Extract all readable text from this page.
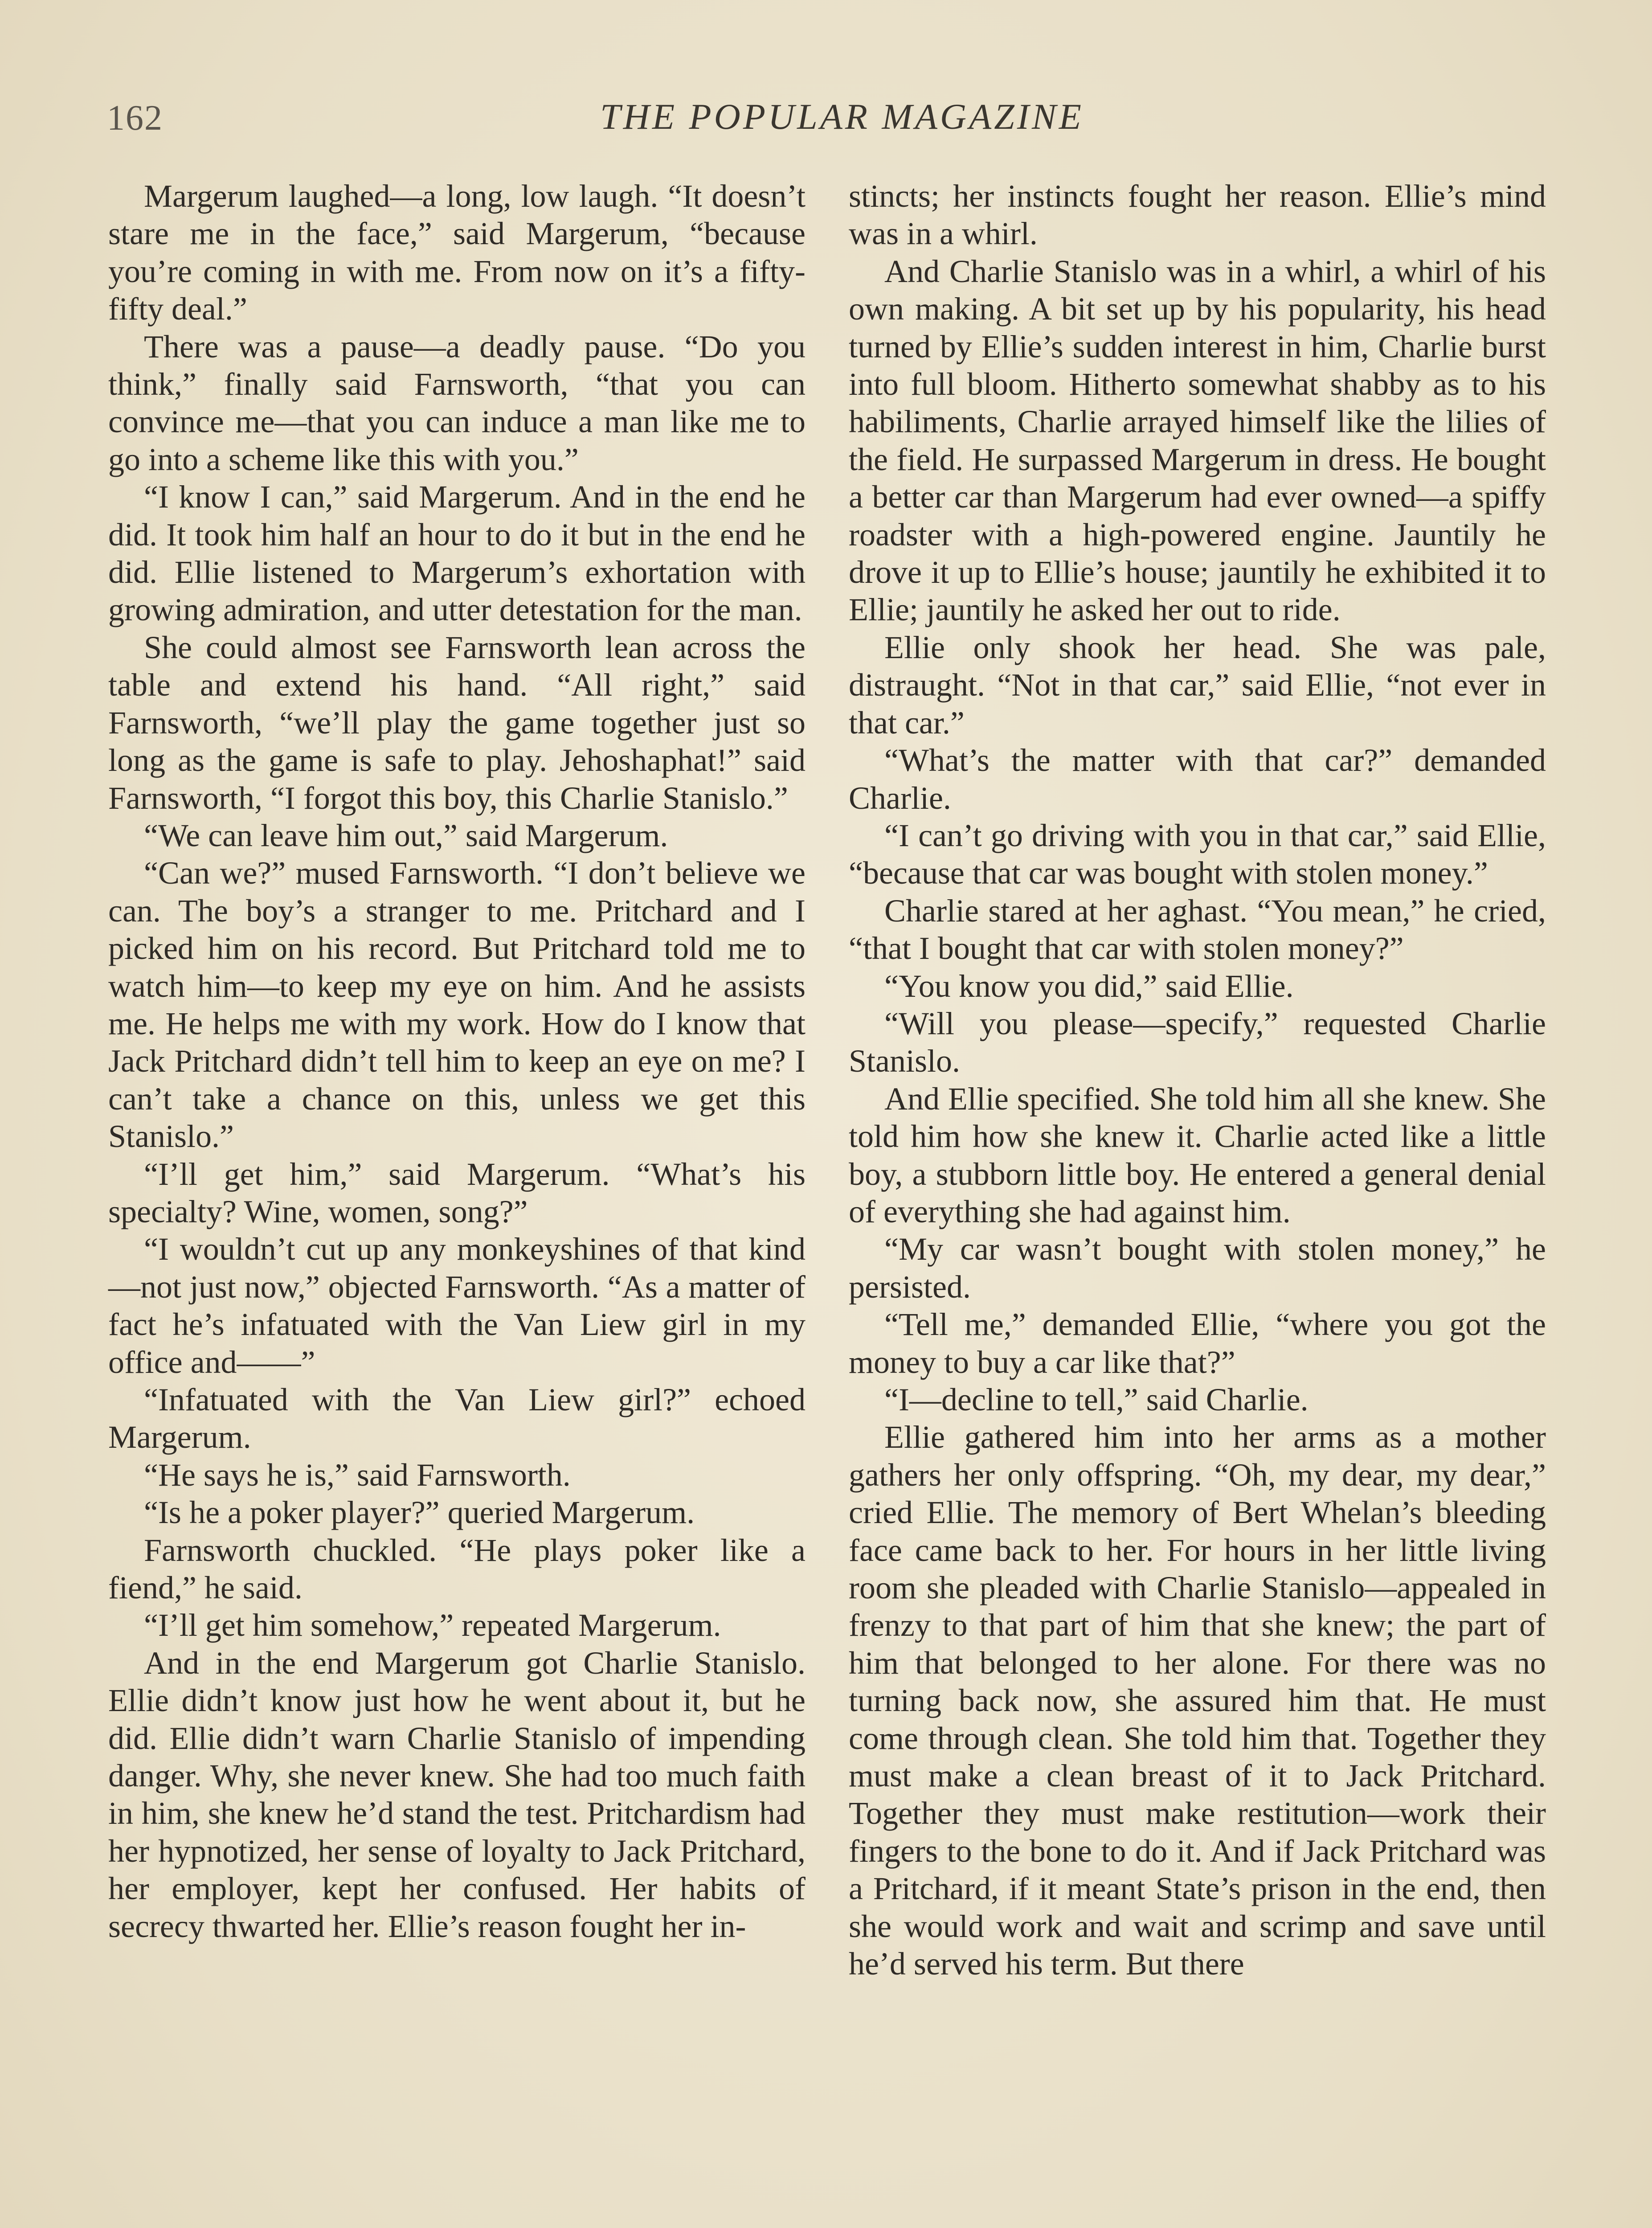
162	THE POPULAR MAGAZINE

Margerum laughed—a long, low laugh. “It doesn’t stare me in the face,” said Margerum, “because you’re coming in with me. From now on it’s a fifty-fifty deal.”

There was a pause—a deadly pause. “Do you think,” finally said Farnsworth, “that you can convince me—that you can induce a man like me to go into a scheme like this with you.”

“I know I can,” said Margerum. And in the end he did. It took him half an hour to do it but in the end he did. Ellie listened to Margerum’s exhortation with growing admiration, and utter detestation for the man.

She could almost see Farnsworth lean across the table and extend his hand. “All right,” said Farnsworth, “we’ll play the game together just so long as the game is safe to play. Jehoshaphat!” said Farnsworth, “I forgot this boy, this Charlie Stanislo.”

“We can leave him out,” said Margerum.

“Can we?” mused Farnsworth. “I don’t believe we can. The boy’s a stranger to me. Pritchard and I picked him on his record. But Pritchard told me to watch him—to keep my eye on him. And he assists me. He helps me with my work. How do I know that Jack Pritchard didn’t tell him to keep an eye on me? I can’t take a chance on this, unless we get this Stanislo.”

“I’ll get him,” said Margerum. “What’s his specialty? Wine, women, song?”

“I wouldn’t cut up any monkeyshines of that kind—not just now,” objected Farnsworth. “As a matter of fact he’s infatuated with the Van Liew girl in my office and——”

“Infatuated with the Van Liew girl?” echoed Margerum.

“He says he is,” said Farnsworth.

“Is he a poker player?” queried Margerum.

Farnsworth chuckled. “He plays poker like a fiend,” he said.

“I’ll get him somehow,” repeated Margerum.

And in the end Margerum got Charlie Stanislo. Ellie didn’t know just how he went about it, but he did. Ellie didn’t warn Charlie Stanislo of impending danger. Why, she never knew. She had too much faith in him, she knew he’d stand the test. Pritchardism had her hypnotized, her sense of loyalty to Jack Pritchard, her employer, kept her confused. Her habits of secrecy thwarted her. Ellie’s reason fought her in-

stincts; her instincts fought her reason. Ellie’s mind was in a whirl.

And Charlie Stanislo was in a whirl, a whirl of his own making. A bit set up by his popularity, his head turned by Ellie’s sudden interest in him, Charlie burst into full bloom. Hitherto somewhat shabby as to his habiliments, Charlie arrayed himself like the lilies of the field. He surpassed Margerum in dress. He bought a better car than Margerum had ever owned—a spiffy roadster with a high-powered engine. Jauntily he drove it up to Ellie’s house; jauntily he exhibited it to Ellie; jauntily he asked her out to ride.

Ellie only shook her head. She was pale, distraught. “Not in that car,” said Ellie, “not ever in that car.”

“What’s the matter with that car?” demanded Charlie.

“I can’t go driving with you in that car,” said Ellie, “because that car was bought with stolen money.”

Charlie stared at her aghast. “You mean,” he cried, “that I bought that car with stolen money?”

“You know you did,” said Ellie.

“Will you please—specify,” requested Charlie Stanislo.

And Ellie specified. She told him all she knew. She told him how she knew it. Charlie acted like a little boy, a stubborn little boy. He entered a general denial of everything she had against him.

“My car wasn’t bought with stolen money,” he persisted.

“Tell me,” demanded Ellie, “where you got the money to buy a car like that?”

“I—decline to tell,” said Charlie.

Ellie gathered him into her arms as a mother gathers her only offspring. “Oh, my dear, my dear,” cried Ellie. The memory of Bert Whelan’s bleeding face came back to her. For hours in her little living room she pleaded with Charlie Stanislo—appealed in frenzy to that part of him that she knew; the part of him that belonged to her alone. For there was no turning back now, she assured him that. He must come through clean. She told him that. Together they must make a clean breast of it to Jack Pritchard. Together they must make restitution—work their fingers to the bone to do it. And if Jack Pritchard was a Pritchard, if it meant State’s prison in the end, then she would work and wait and scrimp and save until he’d served his term. But there
